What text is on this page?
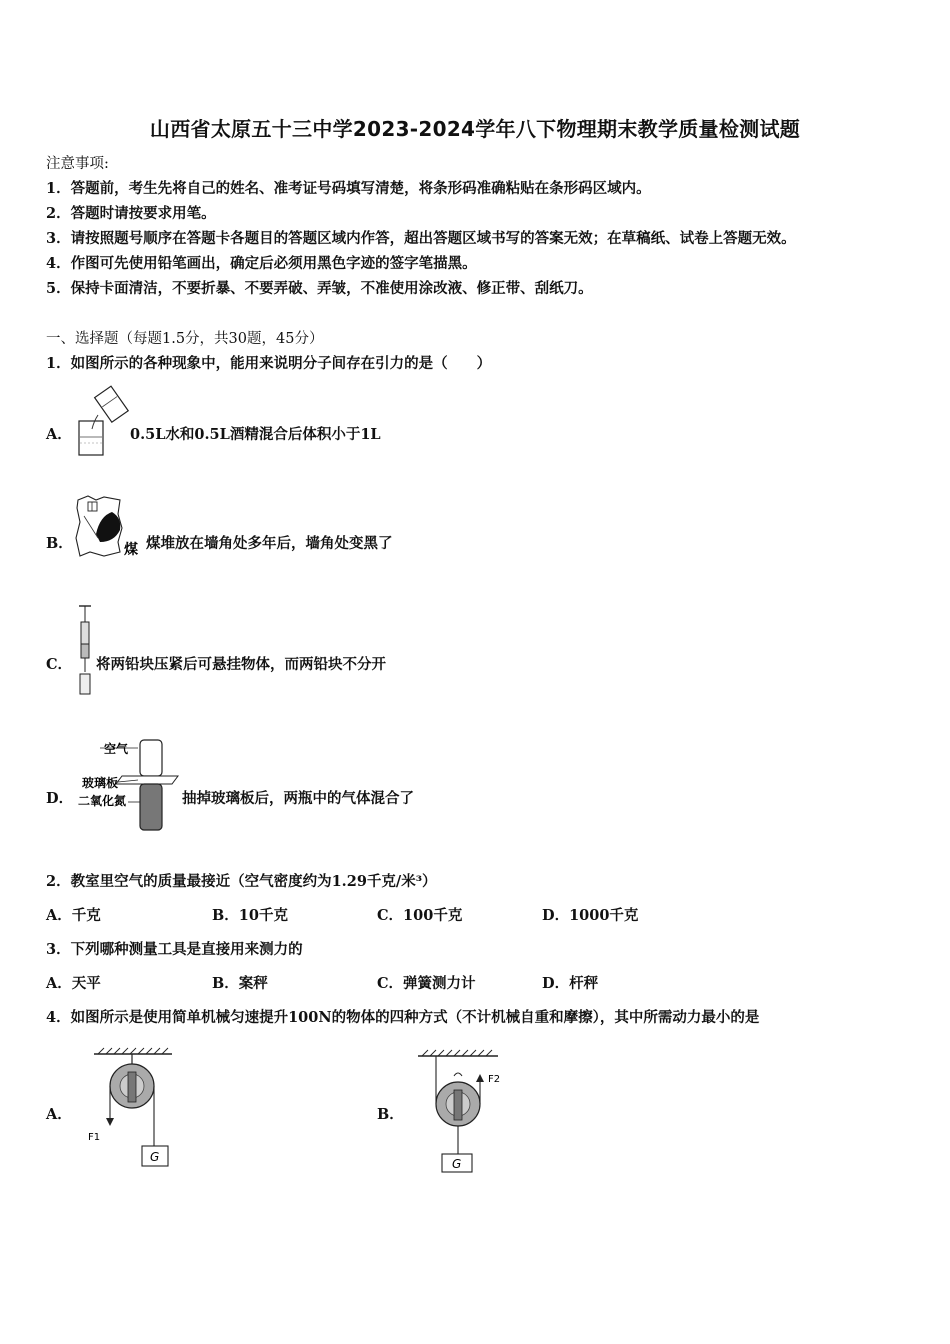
山西省太原五十三中学2023-2024学年八下物理期末教学质量检测试题
注意事项:
1．答题前，考生先将自己的姓名、准考证号码填写清楚，将条形码准确粘贴在条形码区域内。
2．答题时请按要求用笔。
3．请按照题号顺序在答题卡各题目的答题区域内作答，超出答题区域书写的答案无效；在草稿纸、试卷上答题无效。
4．作图可先使用铅笔画出，确定后必须用黑色字迹的签字笔描黑。
5．保持卡面清洁，不要折暴、不要弄破、弄皱，不准使用涂改液、修正带、刮纸刀。
一、选择题（每题1.5分，共30题，45分）
1．如图所示的各种现象中，能用来说明分子间存在引力的是（　　）
A．	0.5L水和0.5L酒精混合后体积小于1L
B．	煤 煤堆放在墙角处多年后，墙角处变黑了
C． 将两铅块压紧后可悬挂物体，而两铅块不分开
D．
空气
玻璃板
二氧化氮	抽掉玻璃板后，两瓶中的气体混合了
2．教室里空气的质量最接近（空气密度约为1.29千克/米³）
A．千克	B．10千克	C．100千克	D．1000千克
3．下列哪种测量工具是直接用来测力的
A．天平	B．案秤	C．弹簧测力计	D．杆秤
4．如图所示是使用简单机械匀速提升100N的物体的四种方式（不计机械自重和摩擦），其中所需动力最小的是
A．
F1
G
B．
F2
G
